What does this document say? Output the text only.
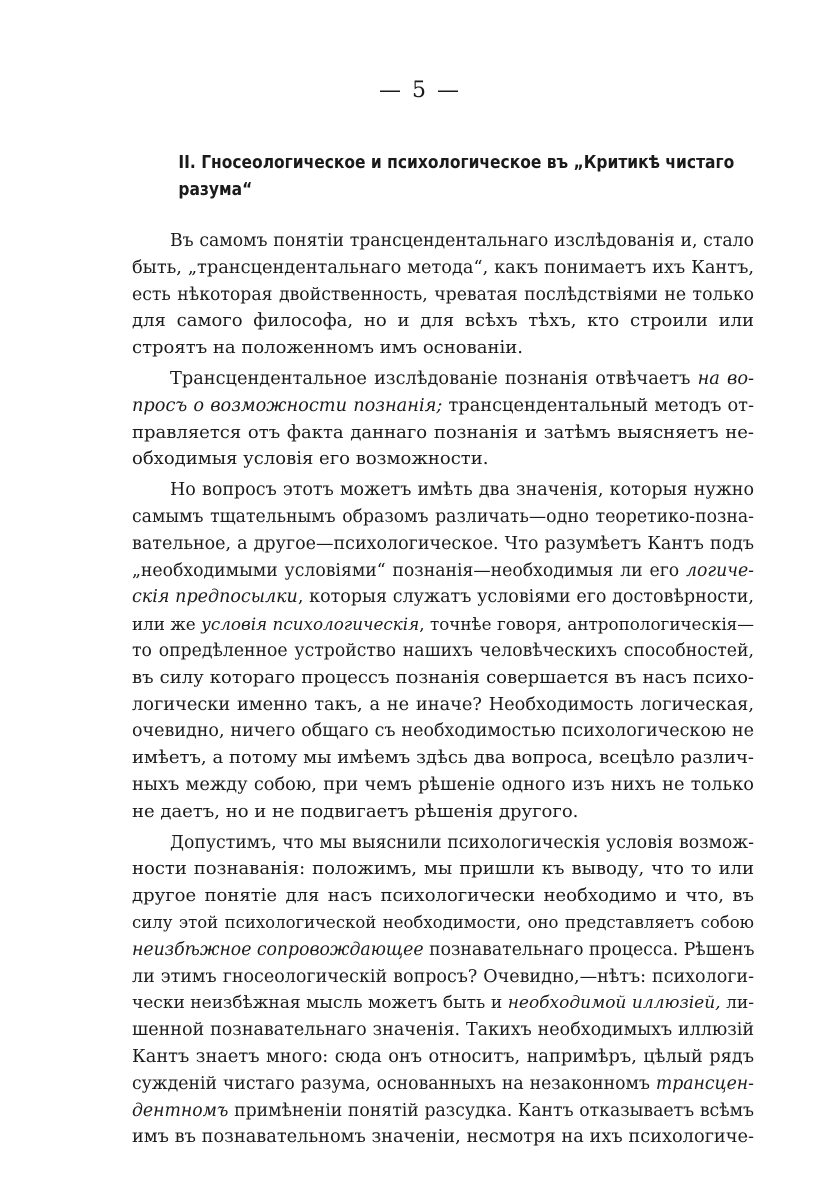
— 5 —
II. Гносеологическое и психологическое въ „Критикѣ чистаго
разума“
Въ самомъ понятіи трансцендентальнаго изслѣдованія и, стало
быть, „трансцендентальнаго метода“, какъ понимаетъ ихъ Кантъ,
есть нѣкоторая двойственность, чреватая послѣдствіями не только
для самого философа, но и для всѣхъ тѣхъ, кто строили или
строятъ на положенномъ имъ основаніи.
Трансцендентальное изслѣдованіе познанія отвѣчаетъ на во-
просъ о возможности познанія; трансцендентальный методъ от-
правляется отъ факта даннаго познанія и затѣмъ выясняетъ не-
обходимыя условія его возможности.
Но вопросъ этотъ можетъ имѣть два значенія, которыя нужно
самымъ тщательнымъ образомъ различать—одно теоретико-позна-
вательное, а другое—психологическое. Что разумѣетъ Кантъ подъ
„необходимыми условіями“ познанія—необходимыя ли его логиче-
скія предпосылки, которыя служатъ условіями его достовѣрности,
или же условія психологическія, точнѣе говоря, антропологическія—
то опредѣленное устройство нашихъ человѣческихъ способностей,
въ силу котораго процессъ познанія совершается въ насъ психо-
логически именно такъ, а не иначе? Необходимость логическая,
очевидно, ничего общаго съ необходимостью психологическою не
имѣетъ, а потому мы имѣемъ здѣсь два вопроса, всецѣло различ-
ныхъ между собою, при чемъ рѣшеніе одного изъ нихъ не только
не даетъ, но и не подвигаетъ рѣшенія другого.
Допустимъ, что мы выяснили психологическія условія возмож-
ности познаванія: положимъ, мы пришли къ выводу, что то или
другое понятіе для насъ психологически необходимо и что, въ
силу этой психологической необходимости, оно представляетъ собою
неизбѣжное сопровождающее познавательнаго процесса. Рѣшенъ
ли этимъ гносеологическій вопросъ? Очевидно,—нѣтъ: психологи-
чески неизбѣжная мысль можетъ быть и необходимой иллюзіей, ли-
шенной познавательнаго значенія. Такихъ необходимыхъ иллюзій
Кантъ знаетъ много: сюда онъ относитъ, напримѣръ, цѣлый рядъ
сужденій чистаго разума, основанныхъ на незаконномъ трансцен-
дентномъ примѣненіи понятій разсудка. Кантъ отказываетъ всѣмъ
имъ въ познавательномъ значеніи, несмотря на ихъ психологиче-
